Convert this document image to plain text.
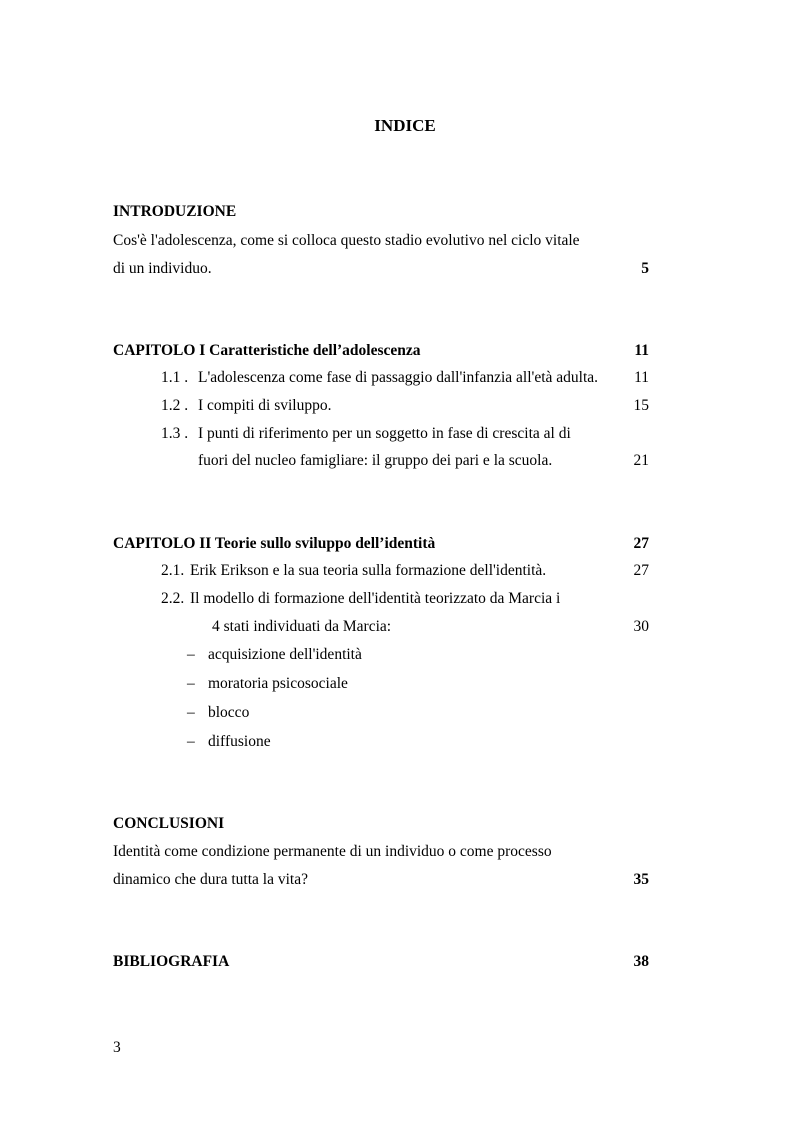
INDICE
INTRODUZIONE
Cos'è l'adolescenza, come si colloca questo stadio evolutivo nel ciclo vitale
di un individuo.	5
CAPITOLO I Caratteristiche dell’adolescenza	11
1.1 . L'adolescenza come fase di passaggio dall'infanzia all'età adulta.	11
1.2 . I compiti di sviluppo.	15
1.3 . I punti di riferimento per un soggetto in fase di crescita al di
fuori del nucleo famigliare: il gruppo dei pari e la scuola.	21
CAPITOLO II Teorie sullo sviluppo dell’identità	27
2.1. Erik Erikson e la sua teoria sulla formazione dell'identità.	27
2.2. Il modello di formazione dell'identità teorizzato da Marcia i
4 stati individuati da Marcia:	30
– acquisizione dell'identità
– moratoria psicosociale
– blocco
– diffusione
CONCLUSIONI
Identità come condizione permanente di un individuo o come processo
dinamico che dura tutta la vita?	35
BIBLIOGRAFIA	38
3
